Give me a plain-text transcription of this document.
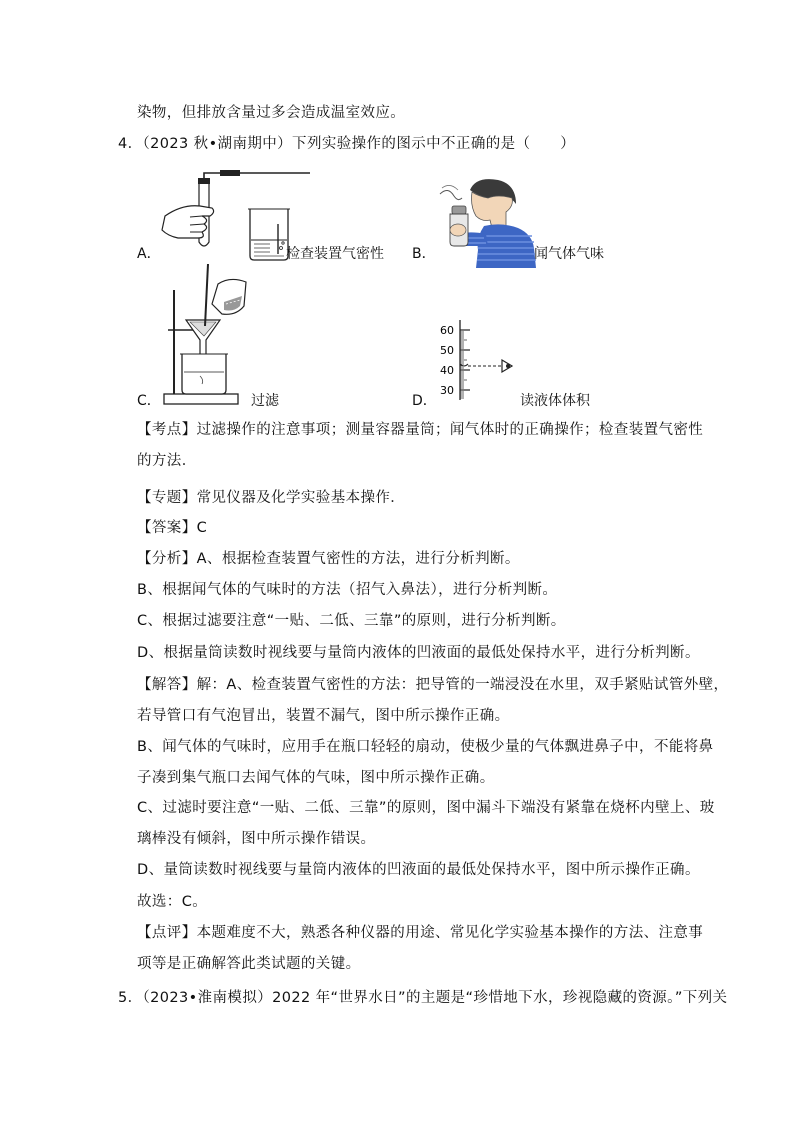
染物，但排放含量过多会造成温室效应。
4．（2023 秋•湖南期中）下列实验操作的图示中不正确的是（　　）
A．	检查装置气密性 B．	闻气体气味
C．	过滤
60
50
40
30
D．	读液体体积
【考点】过滤操作的注意事项；测量容器量筒；闻气体时的正确操作；检查装置气密性
的方法．
【专题】常见仪器及化学实验基本操作．
【答案】C
【分析】A、根据检查装置气密性的方法，进行分析判断。
B、根据闻气体的气味时的方法（招气入鼻法），进行分析判断。
C、根据过滤要注意“一贴、二低、三靠”的原则，进行分析判断。
D、根据量筒读数时视线要与量筒内液体的凹液面的最低处保持水平，进行分析判断。
【解答】解：A、检查装置气密性的方法：把导管的一端浸没在水里，双手紧贴试管外壁，
若导管口有气泡冒出，装置不漏气，图中所示操作正确。
B、闻气体的气味时，应用手在瓶口轻轻的扇动，使极少量的气体飘进鼻子中，不能将鼻
子凑到集气瓶口去闻气体的气味，图中所示操作正确。
C、过滤时要注意“一贴、二低、三靠”的原则，图中漏斗下端没有紧靠在烧杯内壁上、玻
璃棒没有倾斜，图中所示操作错误。
D、量筒读数时视线要与量筒内液体的凹液面的最低处保持水平，图中所示操作正确。
故选：C。
【点评】本题难度不大，熟悉各种仪器的用途、常见化学实验基本操作的方法、注意事
项等是正确解答此类试题的关键。
5．（2023•淮南模拟）2022 年“世界水日”的主题是“珍惜地下水，珍视隐藏的资源。”下列关
